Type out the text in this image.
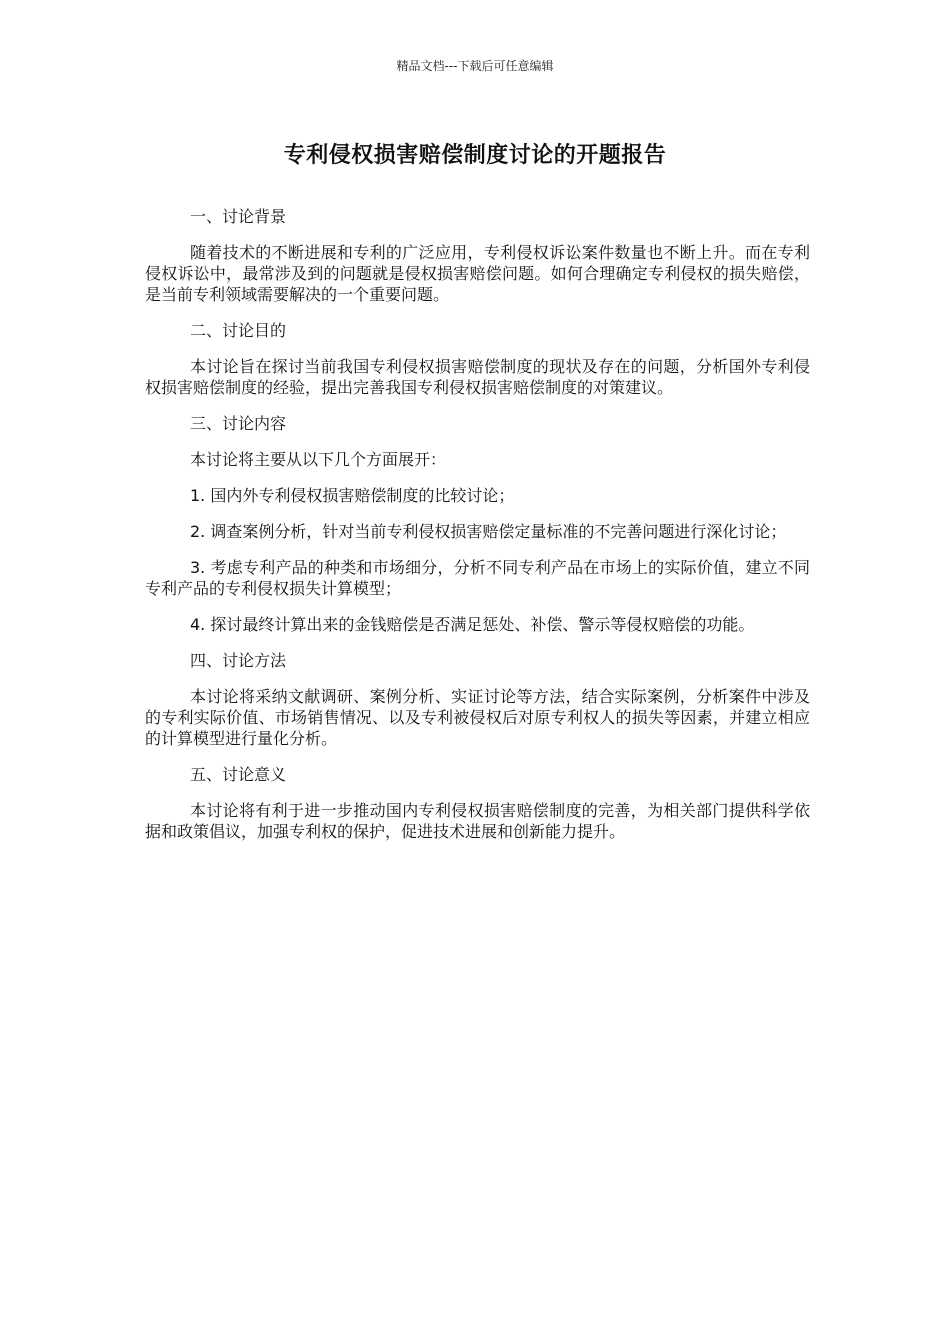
精品文档---下载后可任意编辑
专利侵权损害赔偿制度讨论的开题报告

一、讨论背景

随着技术的不断进展和专利的广泛应用，专利侵权诉讼案件数量也不断上升。而在专利侵权诉讼中，最常涉及到的问题就是侵权损害赔偿问题。如何合理确定专利侵权的损失赔偿，是当前专利领域需要解决的一个重要问题。

二、讨论目的

本讨论旨在探讨当前我国专利侵权损害赔偿制度的现状及存在的问题，分析国外专利侵权损害赔偿制度的经验，提出完善我国专利侵权损害赔偿制度的对策建议。

三、讨论内容

本讨论将主要从以下几个方面展开：

1. 国内外专利侵权损害赔偿制度的比较讨论；

2. 调查案例分析，针对当前专利侵权损害赔偿定量标准的不完善问题进行深化讨论；

3. 考虑专利产品的种类和市场细分，分析不同专利产品在市场上的实际价值，建立不同专利产品的专利侵权损失计算模型；

4. 探讨最终计算出来的金钱赔偿是否满足惩处、补偿、警示等侵权赔偿的功能。

四、讨论方法

本讨论将采纳文献调研、案例分析、实证讨论等方法，结合实际案例，分析案件中涉及的专利实际价值、市场销售情况、以及专利被侵权后对原专利权人的损失等因素，并建立相应的计算模型进行量化分析。

五、讨论意义

本讨论将有利于进一步推动国内专利侵权损害赔偿制度的完善，为相关部门提供科学依据和政策倡议，加强专利权的保护，促进技术进展和创新能力提升。
